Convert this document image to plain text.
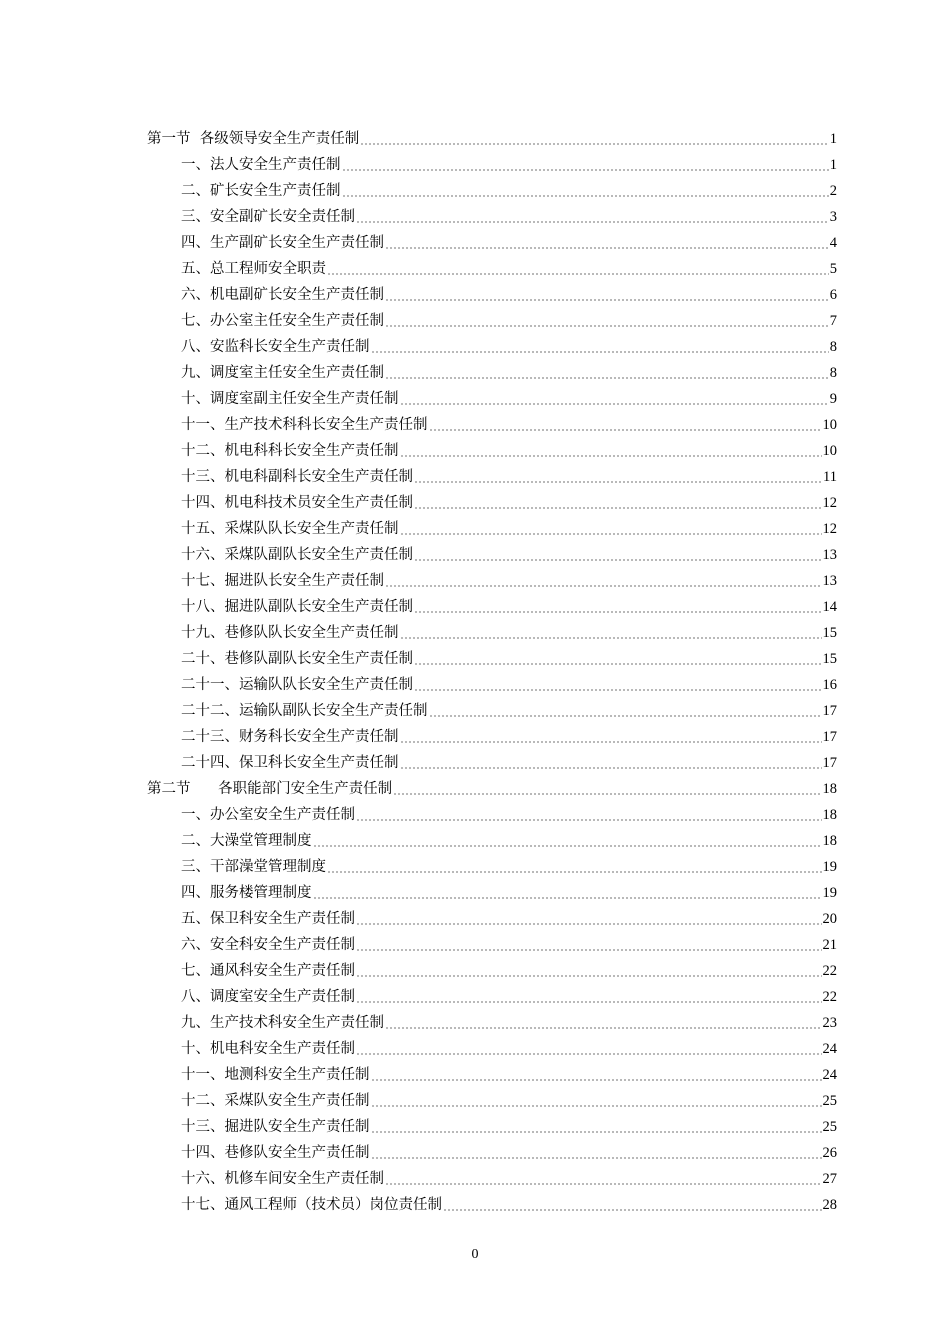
第一节  各级领导安全生产责任制	1
一、法人安全生产责任制	1
二、矿长安全生产责任制	2
三、安全副矿长安全责任制	3
四、生产副矿长安全生产责任制	4
五、总工程师安全职责	5
六、机电副矿长安全生产责任制	6
七、办公室主任安全生产责任制	7
八、安监科长安全生产责任制	8
九、调度室主任安全生产责任制	8
十、调度室副主任安全生产责任制	9
十一、生产技术科科长安全生产责任制	10
十二、机电科科长安全生产责任制	10
十三、机电科副科长安全生产责任制	11
十四、机电科技术员安全生产责任制	12
十五、采煤队队长安全生产责任制	12
十六、采煤队副队长安全生产责任制	13
十七、掘进队长安全生产责任制	13
十八、掘进队副队长安全生产责任制	14
十九、巷修队队长安全生产责任制	15
二十、巷修队副队长安全生产责任制	15
二十一、运输队队长安全生产责任制	16
二十二、运输队副队长安全生产责任制	17
二十三、财务科长安全生产责任制	17
二十四、保卫科长安全生产责任制	17
第二节      各职能部门安全生产责任制	18
一、办公室安全生产责任制	18
二、大澡堂管理制度	18
三、干部澡堂管理制度	19
四、服务楼管理制度	19
五、保卫科安全生产责任制	20
六、安全科安全生产责任制	21
七、通风科安全生产责任制	22
八、调度室安全生产责任制	22
九、生产技术科安全生产责任制	23
十、机电科安全生产责任制	24
十一、地测科安全生产责任制	24
十二、采煤队安全生产责任制	25
十三、掘进队安全生产责任制	25
十四、巷修队安全生产责任制	26
十六、机修车间安全生产责任制	27
十七、通风工程师（技术员）岗位责任制	28
0
